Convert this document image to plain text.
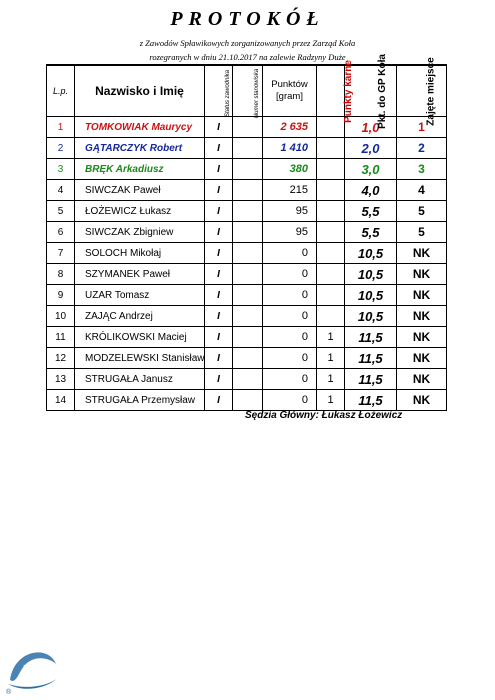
PROTOKÓŁ
z Zawodów Spławikowych zorganizowanych przez Zarząd Koła
rozegranych w dniu 21.10.2017 na zalewie Radzyny Duże
L.p.	Nazwisko i Imię	Status zawodnika	Numer stanowiska	Punktów [gram]	Punkty karne	Pkt. do GP Koła	Zajęte miejsce
1	TOMKOWIAK Maurycy	I		2 635		1,0	1
2	GĄTARCZYK Robert	I		1 410		2,0	2
3	BRĘK Arkadiusz	I		380		3,0	3
4	SIWCZAK Paweł	I		215		4,0	4
5	ŁOŻEWICZ Łukasz	I		95		5,5	5
6	SIWCZAK Zbigniew	I		95		5,5	5
7	SOLOCH Mikołaj	I		0		10,5	NK
8	SZYMANEK Paweł	I		0		10,5	NK
9	UZAR Tomasz	I		0		10,5	NK
10	ZAJĄC Andrzej	I		0		10,5	NK
11	KRÓLIKOWSKI Maciej	I		0	1	11,5	NK
12	MODZELEWSKI Stanisław	I		0	1	11,5	NK
13	STRUGAŁA Janusz	I		0	1	11,5	NK
14	STRUGAŁA Przemysław	I		0	1	11,5	NK
Sędzia Główny: Łukasz Łożewicz
PZW
®
